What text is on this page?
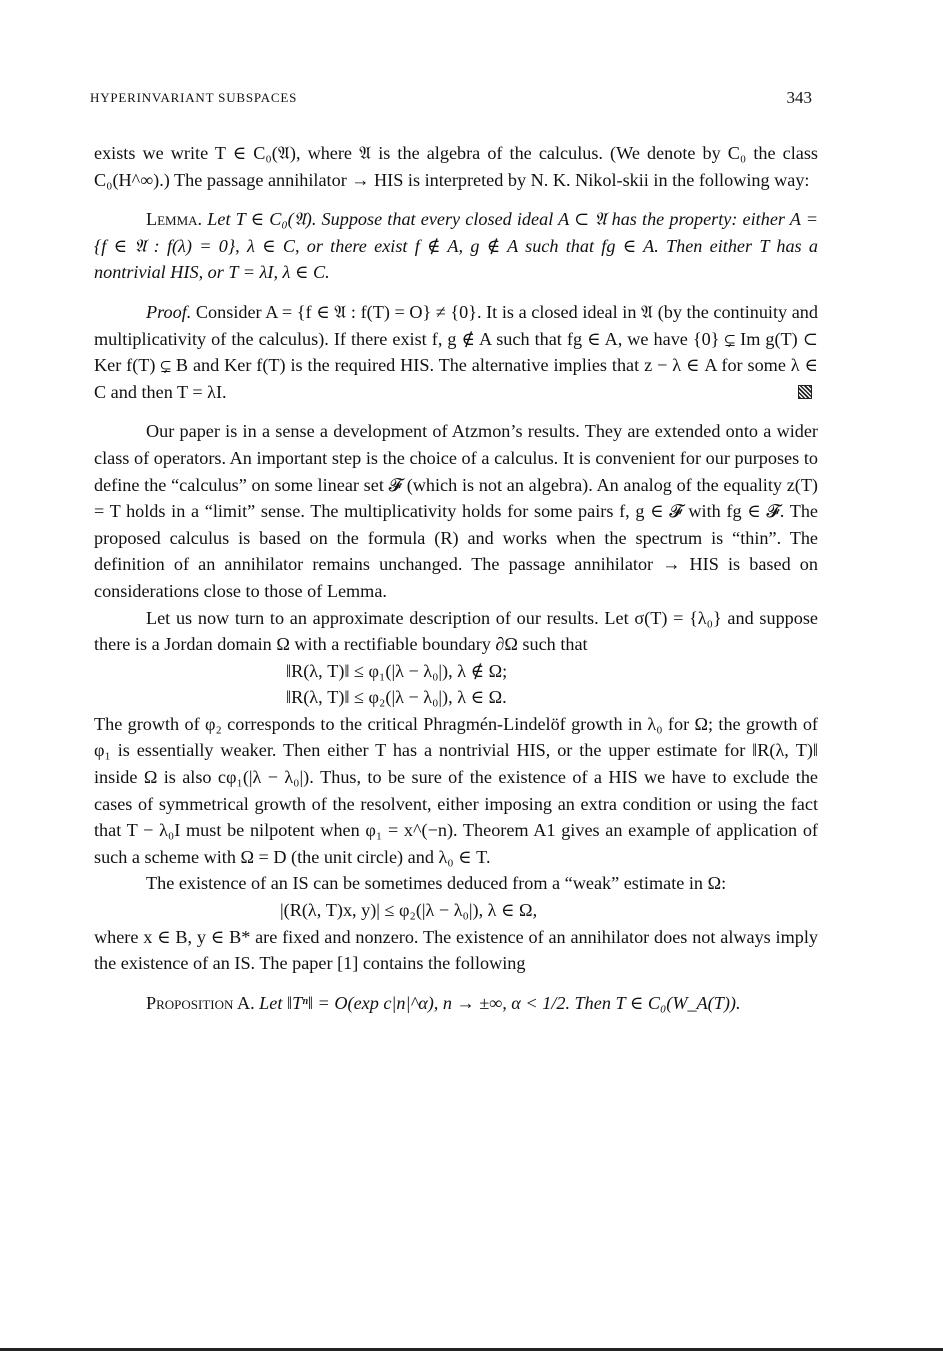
HYPERINVARIANT SUBSPACES	343

exists we write T ∈ C₀(𝔄), where 𝔄 is the algebra of the calculus. (We denote by C₀ the class C₀(H^∞).) The passage annihilator → HIS is interpreted by N. K. Nikol-skii in the following way:

Lemma. Let T ∈ C₀(𝔄). Suppose that every closed ideal A ⊂ 𝔄 has the property: either A = {f ∈ 𝔄 : f(λ) = 0}, λ ∈ C, or there exist f ∉ A, g ∉ A such that fg ∈ A. Then either T has a nontrivial HIS, or T = λI, λ ∈ C.

Proof. Consider A = {f ∈ 𝔄 : f(T) = O} ≠ {0}. It is a closed ideal in 𝔄 (by the continuity and multiplicativity of the calculus). If there exist f, g ∉ A such that fg ∈ A, we have {0} ⊊ Im g(T) ⊂ Ker f(T) ⊊ B and Ker f(T) is the required HIS. The alternative implies that z − λ ∈ A for some λ ∈ C and then T = λI.

Our paper is in a sense a development of Atzmon’s results. They are extended onto a wider class of operators. An important step is the choice of a calculus. It is convenient for our purposes to define the “calculus” on some linear set 𝓕 (which is not an algebra). An analog of the equality z(T) = T holds in a “limit” sense. The multiplicativity holds for some pairs f, g ∈ 𝓕 with fg ∈ 𝓕. The proposed calculus is based on the formula (R) and works when the spectrum is “thin”. The definition of an annihilator remains unchanged. The passage annihilator → HIS is based on considerations close to those of Lemma.

Let us now turn to an approximate description of our results. Let σ(T) = {λ₀} and suppose there is a Jordan domain Ω with a rectifiable boundary ∂Ω such that

‖R(λ, T)‖ ≤ φ₁(|λ − λ₀|), λ ∉ Ω;

‖R(λ, T)‖ ≤ φ₂(|λ − λ₀|), λ ∈ Ω.

The growth of φ₂ corresponds to the critical Phragmén-Lindelöf growth in λ₀ for Ω; the growth of φ₁ is essentially weaker. Then either T has a nontrivial HIS, or the upper estimate for ‖R(λ, T)‖ inside Ω is also cφ₁(|λ − λ₀|). Thus, to be sure of the existence of a HIS we have to exclude the cases of symmetrical growth of the resolvent, either imposing an extra condition or using the fact that T − λ₀I must be nilpotent when φ₁ = x^(−n). Theorem A1 gives an example of application of such a scheme with Ω = D (the unit circle) and λ₀ ∈ T.

The existence of an IS can be sometimes deduced from a “weak” estimate in Ω:

|(R(λ, T)x, y)| ≤ φ₂(|λ − λ₀|), λ ∈ Ω,

where x ∈ B, y ∈ B* are fixed and nonzero. The existence of an annihilator does not always imply the existence of an IS. The paper [1] contains the following

Proposition A. Let ‖Tⁿ‖ = O(exp c|n|^α), n → ±∞, α < 1/2. Then T ∈ C₀(W_A(T)).
